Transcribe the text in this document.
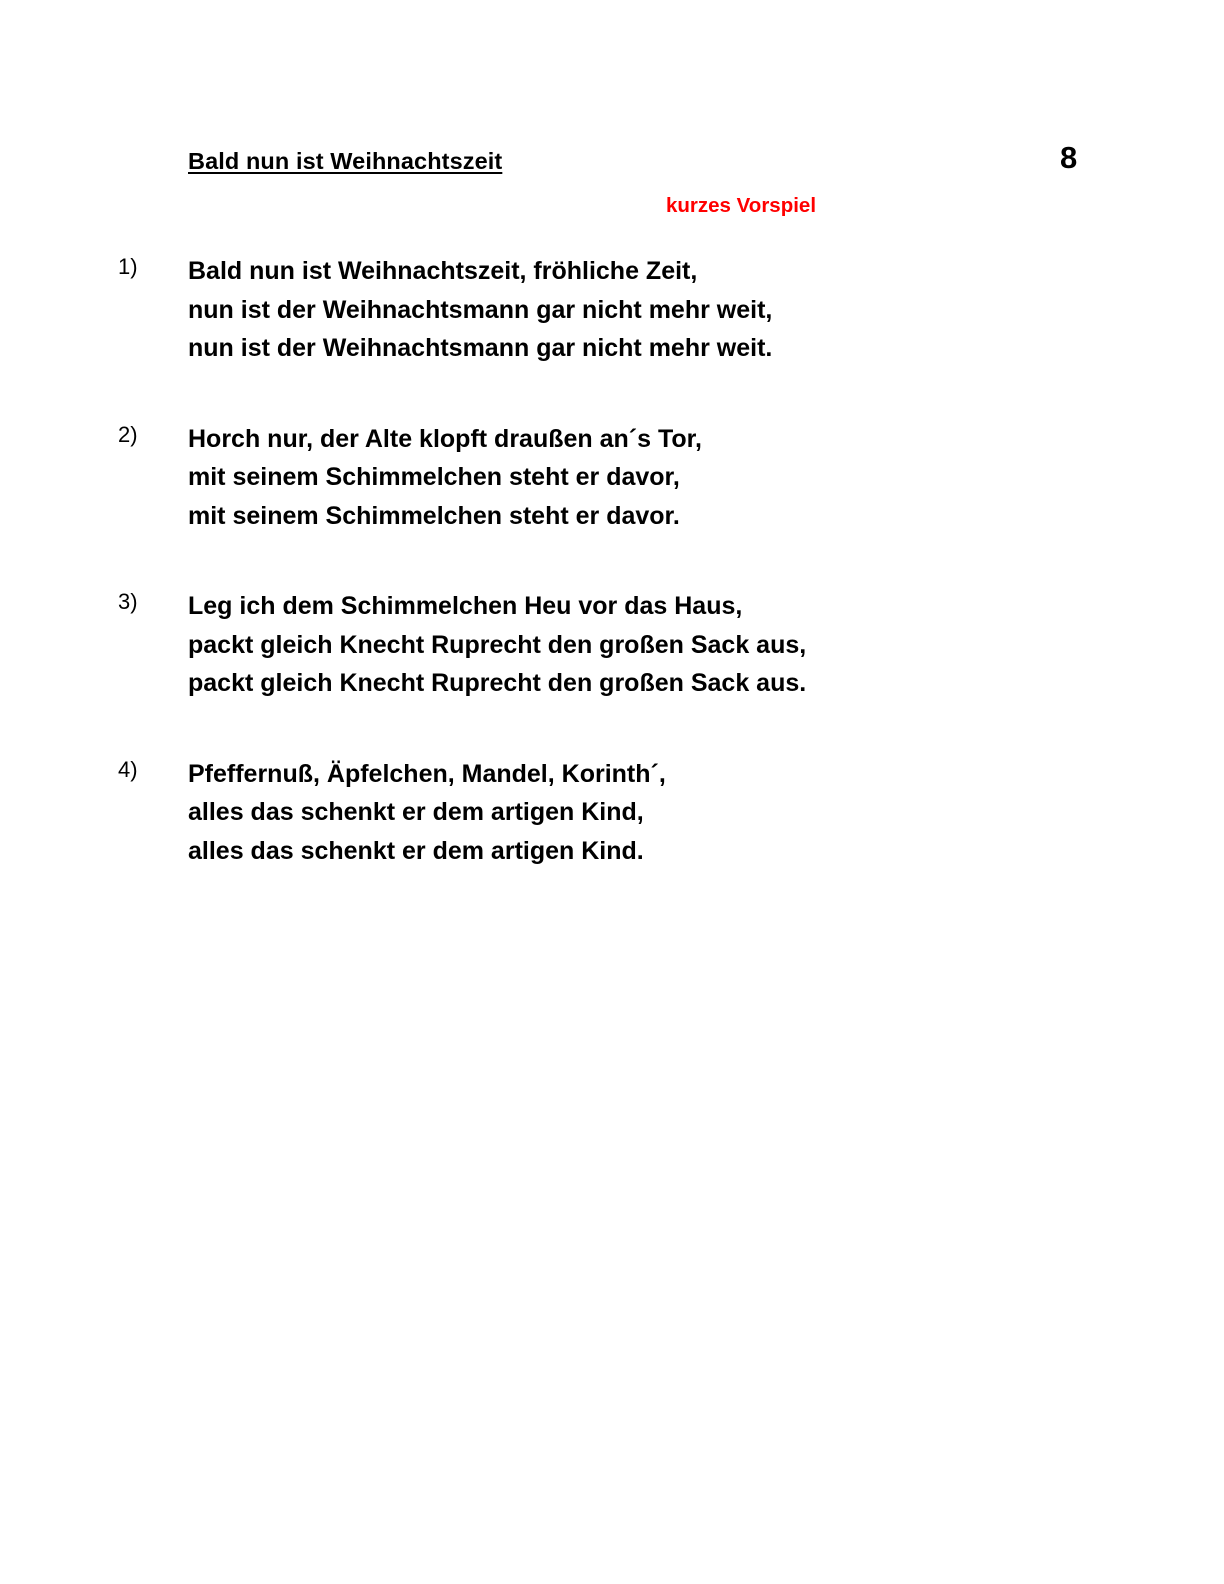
Bald nun ist Weihnachtszeit	8
kurzes Vorspiel
1) Bald nun ist Weihnachtszeit, fröhliche Zeit,
nun ist der Weihnachtsmann gar nicht mehr weit,
nun ist der Weihnachtsmann gar nicht mehr weit.
2) Horch nur, der Alte klopft draußen an´s Tor,
mit seinem Schimmelchen steht er davor,
mit seinem Schimmelchen steht er davor.
3) Leg ich dem Schimmelchen Heu vor das Haus,
packt gleich Knecht Ruprecht den großen Sack aus,
packt gleich Knecht Ruprecht den großen Sack aus.
4) Pfeffernuß, Äpfelchen, Mandel, Korinth´,
alles das schenkt er dem artigen Kind,
alles das schenkt er dem artigen Kind.
